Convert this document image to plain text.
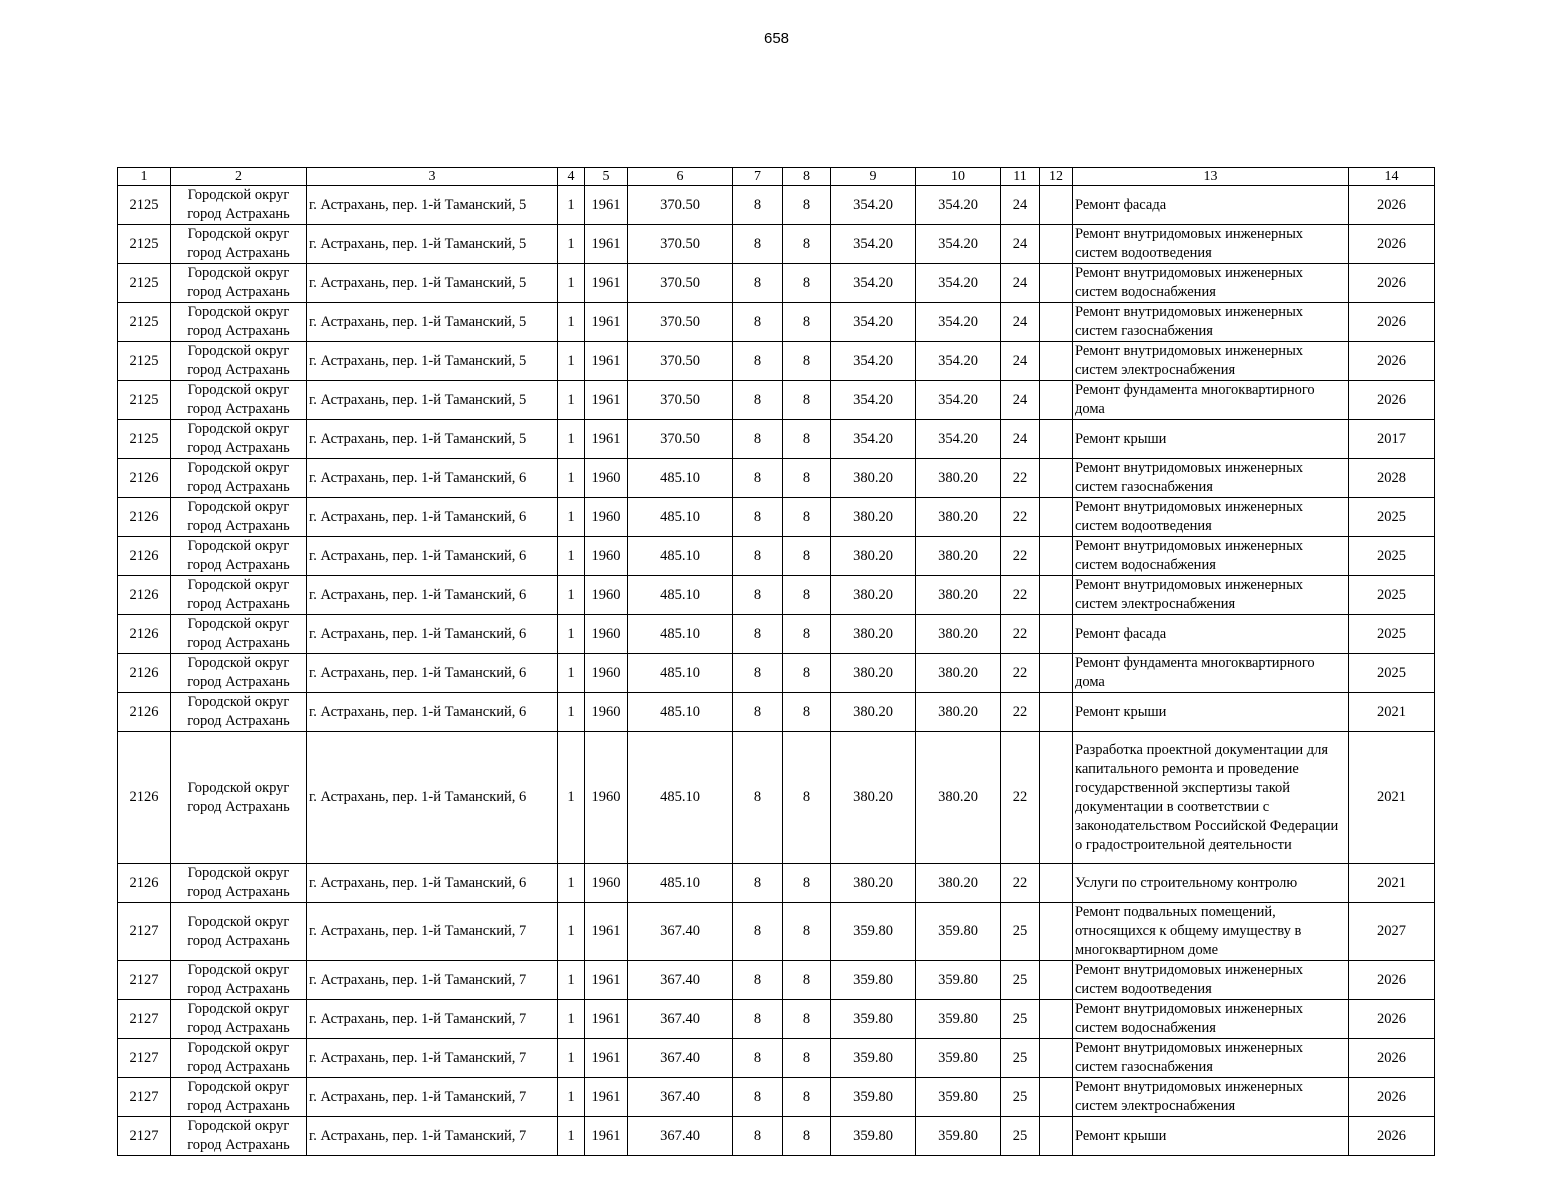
658
1	2	3	4	5	6	7	8	9	10	11	12	13	14
2125	Городской округ город Астрахань	г. Астрахань, пер. 1-й Таманский, 5	1	1961	370.50	8	8	354.20	354.20	24		Ремонт фасада	2026
2125	Городской округ город Астрахань	г. Астрахань, пер. 1-й Таманский, 5	1	1961	370.50	8	8	354.20	354.20	24		Ремонт внутридомовых инженерных систем водоотведения	2026
2125	Городской округ город Астрахань	г. Астрахань, пер. 1-й Таманский, 5	1	1961	370.50	8	8	354.20	354.20	24		Ремонт внутридомовых инженерных систем водоснабжения	2026
2125	Городской округ город Астрахань	г. Астрахань, пер. 1-й Таманский, 5	1	1961	370.50	8	8	354.20	354.20	24		Ремонт внутридомовых инженерных систем газоснабжения	2026
2125	Городской округ город Астрахань	г. Астрахань, пер. 1-й Таманский, 5	1	1961	370.50	8	8	354.20	354.20	24		Ремонт внутридомовых инженерных систем электроснабжения	2026
2125	Городской округ город Астрахань	г. Астрахань, пер. 1-й Таманский, 5	1	1961	370.50	8	8	354.20	354.20	24		Ремонт фундамента многоквартирного дома	2026
2125	Городской округ город Астрахань	г. Астрахань, пер. 1-й Таманский, 5	1	1961	370.50	8	8	354.20	354.20	24		Ремонт крыши	2017
2126	Городской округ город Астрахань	г. Астрахань, пер. 1-й Таманский, 6	1	1960	485.10	8	8	380.20	380.20	22		Ремонт внутридомовых инженерных систем газоснабжения	2028
2126	Городской округ город Астрахань	г. Астрахань, пер. 1-й Таманский, 6	1	1960	485.10	8	8	380.20	380.20	22		Ремонт внутридомовых инженерных систем водоотведения	2025
2126	Городской округ город Астрахань	г. Астрахань, пер. 1-й Таманский, 6	1	1960	485.10	8	8	380.20	380.20	22		Ремонт внутридомовых инженерных систем водоснабжения	2025
2126	Городской округ город Астрахань	г. Астрахань, пер. 1-й Таманский, 6	1	1960	485.10	8	8	380.20	380.20	22		Ремонт внутридомовых инженерных систем электроснабжения	2025
2126	Городской округ город Астрахань	г. Астрахань, пер. 1-й Таманский, 6	1	1960	485.10	8	8	380.20	380.20	22		Ремонт фасада	2025
2126	Городской округ город Астрахань	г. Астрахань, пер. 1-й Таманский, 6	1	1960	485.10	8	8	380.20	380.20	22		Ремонт фундамента многоквартирного дома	2025
2126	Городской округ город Астрахань	г. Астрахань, пер. 1-й Таманский, 6	1	1960	485.10	8	8	380.20	380.20	22		Ремонт крыши	2021
2126	Городской округ город Астрахань	г. Астрахань, пер. 1-й Таманский, 6	1	1960	485.10	8	8	380.20	380.20	22		Разработка проектной документации для капитального ремонта и проведение государственной экспертизы такой документации в соответствии с законодательством Российской Федерации о градостроительной деятельности	2021
2126	Городской округ город Астрахань	г. Астрахань, пер. 1-й Таманский, 6	1	1960	485.10	8	8	380.20	380.20	22		Услуги по строительному контролю	2021
2127	Городской округ город Астрахань	г. Астрахань, пер. 1-й Таманский, 7	1	1961	367.40	8	8	359.80	359.80	25		Ремонт подвальных помещений, относящихся к общему имуществу в многоквартирном доме	2027
2127	Городской округ город Астрахань	г. Астрахань, пер. 1-й Таманский, 7	1	1961	367.40	8	8	359.80	359.80	25		Ремонт внутридомовых инженерных систем водоотведения	2026
2127	Городской округ город Астрахань	г. Астрахань, пер. 1-й Таманский, 7	1	1961	367.40	8	8	359.80	359.80	25		Ремонт внутридомовых инженерных систем водоснабжения	2026
2127	Городской округ город Астрахань	г. Астрахань, пер. 1-й Таманский, 7	1	1961	367.40	8	8	359.80	359.80	25		Ремонт внутридомовых инженерных систем газоснабжения	2026
2127	Городской округ город Астрахань	г. Астрахань, пер. 1-й Таманский, 7	1	1961	367.40	8	8	359.80	359.80	25		Ремонт внутридомовых инженерных систем электроснабжения	2026
2127	Городской округ город Астрахань	г. Астрахань, пер. 1-й Таманский, 7	1	1961	367.40	8	8	359.80	359.80	25		Ремонт крыши	2026
